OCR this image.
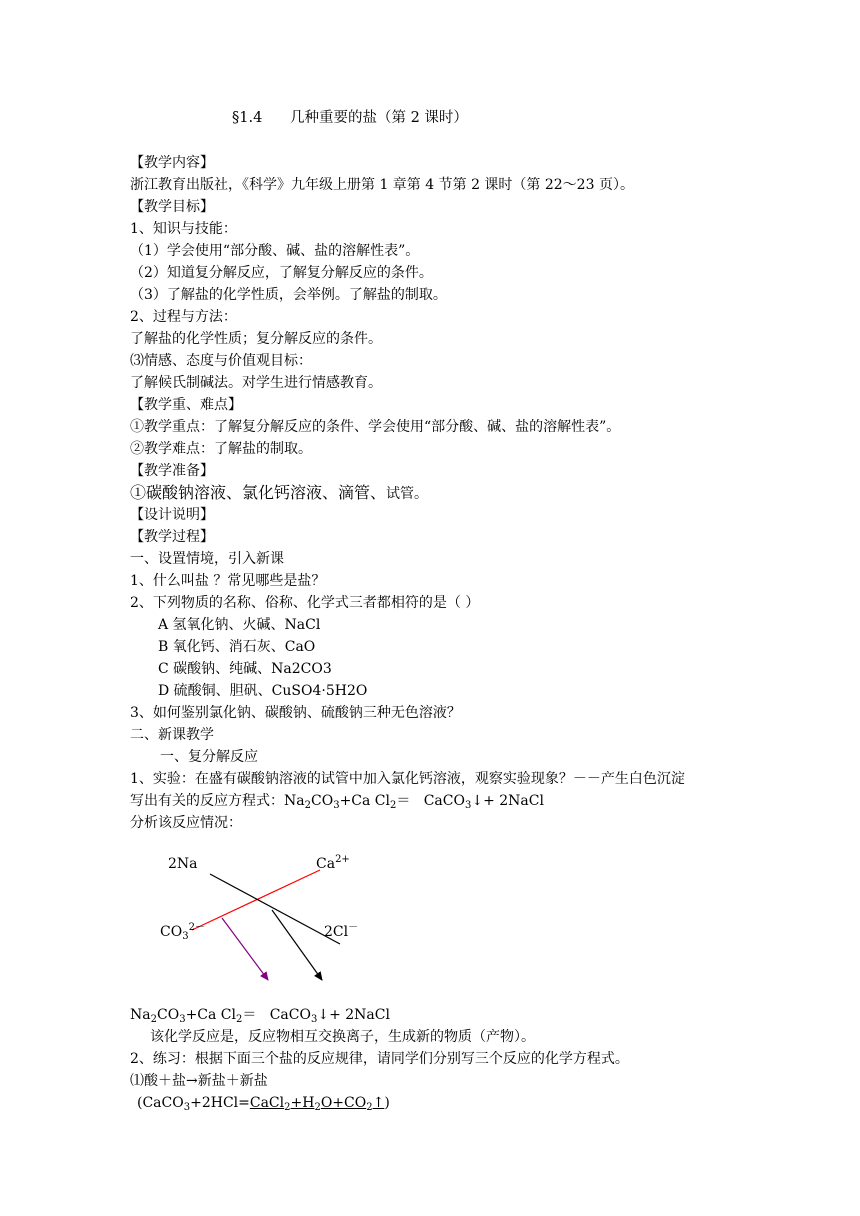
§1.4      几种重要的盐（第 2 课时）
【教学内容】
浙江教育出版社，《科学》九年级上册第 1 章第 4 节第 2 课时（第 22～23 页）。
【教学目标】
1、知识与技能：
（1）学会使用“部分酸、碱、盐的溶解性表”。
（2）知道复分解反应，了解复分解反应的条件。
（3）了解盐的化学性质，会举例。了解盐的制取。
2、过程与方法：
了解盐的化学性质；复分解反应的条件。
⑶情感、态度与价值观目标：
了解候氏制碱法。对学生进行情感教育。
【教学重、难点】
①教学重点：了解复分解反应的条件、学会使用“部分酸、碱、盐的溶解性表”。
②教学难点：了解盐的制取。
【教学准备】
①碳酸钠溶液、氯化钙溶液、滴管、试管。
【设计说明】
【教学过程】
一、设置情境，引入新课
1、什么叫盐 ？常见哪些是盐？
2、下列物质的名称、俗称、化学式三者都相符的是（ ）
A 氢氧化钠、火碱、NaCl
B 氧化钙、消石灰、CaO
C 碳酸钠、纯碱、Na2CO3
D 硫酸铜、胆矾、CuSO4·5H2O
3、如何鉴别氯化钠、碳酸钠、硫酸钠三种无色溶液？
二、新课教学
一、复分解反应
1、实验：在盛有碳酸钠溶液的试管中加入氯化钙溶液，观察实验现象？－－产生白色沉淀
写出有关的反应方程式：$Na_2CO_3+Ca$ $Cl_2=$   CaCO$_3$↓+ 2NaCl
分析该反应情况：
2Na	$Ca^{2+}$
$CO_3^{2-}$	2Cl－
$Na_2CO_3+Ca$ $Cl_2=$   CaCO$_3$↓+ 2NaCl
该化学反应是，反应物相互交换离子，生成新的物质（产物）。
2、练习：根据下面三个盐的反应规律，请同学们分别写三个反应的化学方程式。
⑴酸＋盐→新盐＋新盐
$(CaCO_3+2HCl=CaCl_2+H_2O+CO_2↑)$
